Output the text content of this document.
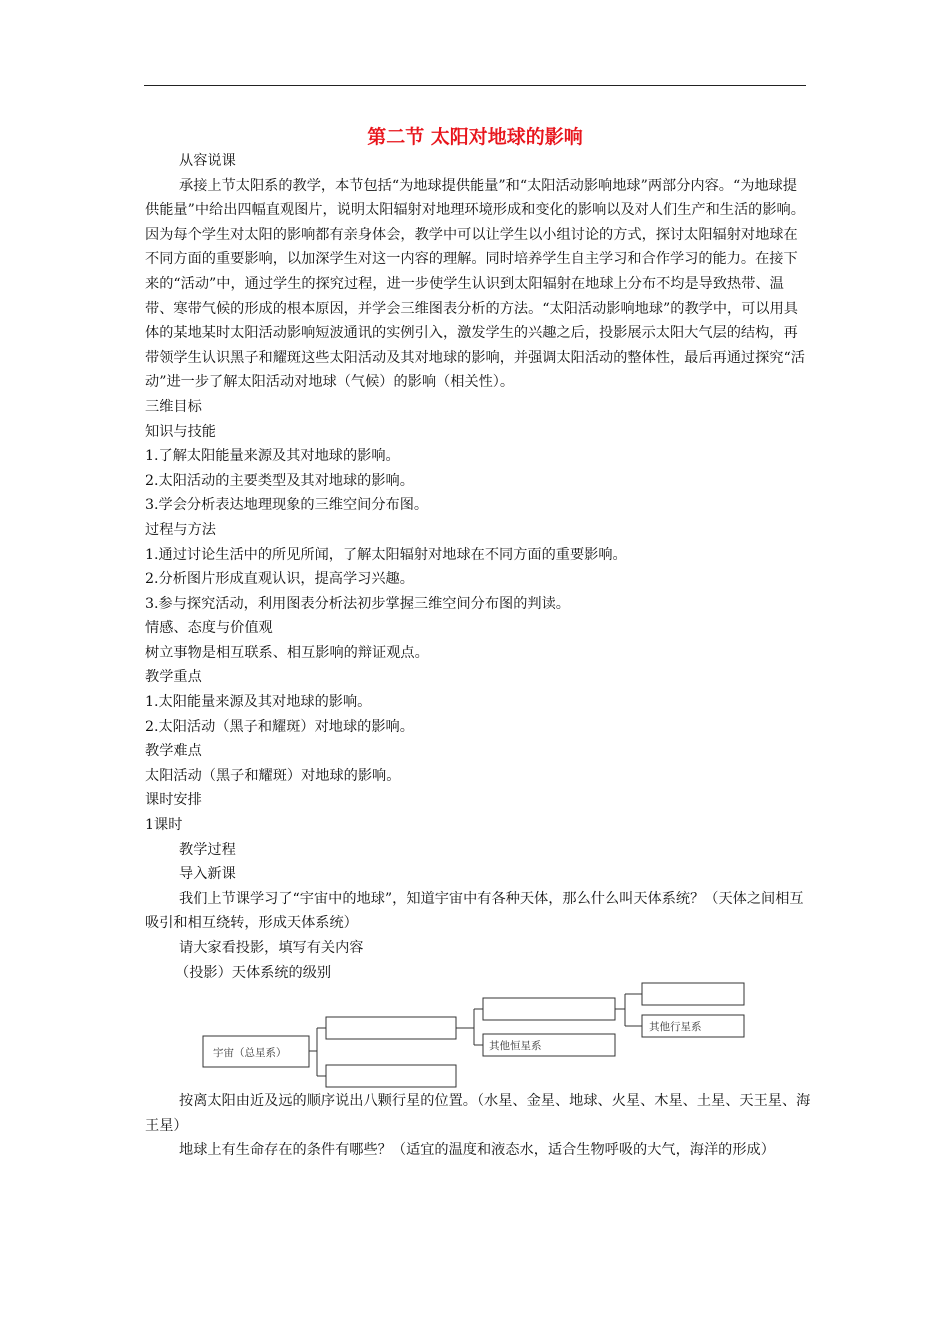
第二节 太阳对地球的影响

从容说课

承接上节太阳系的教学，本节包括“为地球提供能量”和“太阳活动影响地球”两部分内容。“为地球提供能量”中给出四幅直观图片，说明太阳辐射对地理环境形成和变化的影响以及对人们生产和生活的影响。因为每个学生对太阳的影响都有亲身体会，教学中可以让学生以小组讨论的方式，探讨太阳辐射对地球在不同方面的重要影响，以加深学生对这一内容的理解。同时培养学生自主学习和合作学习的能力。在接下来的“活动”中，通过学生的探究过程，进一步使学生认识到太阳辐射在地球上分布不均是导致热带、温带、寒带气候的形成的根本原因，并学会三维图表分析的方法。“太阳活动影响地球”的教学中，可以用具体的某地某时太阳活动影响短波通讯的实例引入，激发学生的兴趣之后，投影展示太阳大气层的结构，再带领学生认识黑子和耀斑这些太阳活动及其对地球的影响，并强调太阳活动的整体性，最后再通过探究“活动”进一步了解太阳活动对地球（气候）的影响（相关性）。

三维目标

知识与技能

1.了解太阳能量来源及其对地球的影响。

2.太阳活动的主要类型及其对地球的影响。

3.学会分析表达地理现象的三维空间分布图。

过程与方法

1.通过讨论生活中的所见所闻，了解太阳辐射对地球在不同方面的重要影响。

2.分析图片形成直观认识，提高学习兴趣。

3.参与探究活动，利用图表分析法初步掌握三维空间分布图的判读。

情感、态度与价值观

树立事物是相互联系、相互影响的辩证观点。

教学重点

1.太阳能量来源及其对地球的影响。

2.太阳活动（黑子和耀斑）对地球的影响。

教学难点

太阳活动（黑子和耀斑）对地球的影响。

课时安排

1课时

教学过程

导入新课

我们上节课学习了“宇宙中的地球”，知道宇宙中有各种天体，那么什么叫天体系统？（天体之间相互吸引和相互绕转，形成天体系统）

请大家看投影，填写有关内容

（投影）天体系统的级别

宇宙（总星系）
其他恒星系
其他行星系

按离太阳由近及远的顺序说出八颗行星的位置。（水星、金星、地球、火星、木星、土星、天王星、海王星）

地球上有生命存在的条件有哪些？（适宜的温度和液态水，适合生物呼吸的大气，海洋的形成）
